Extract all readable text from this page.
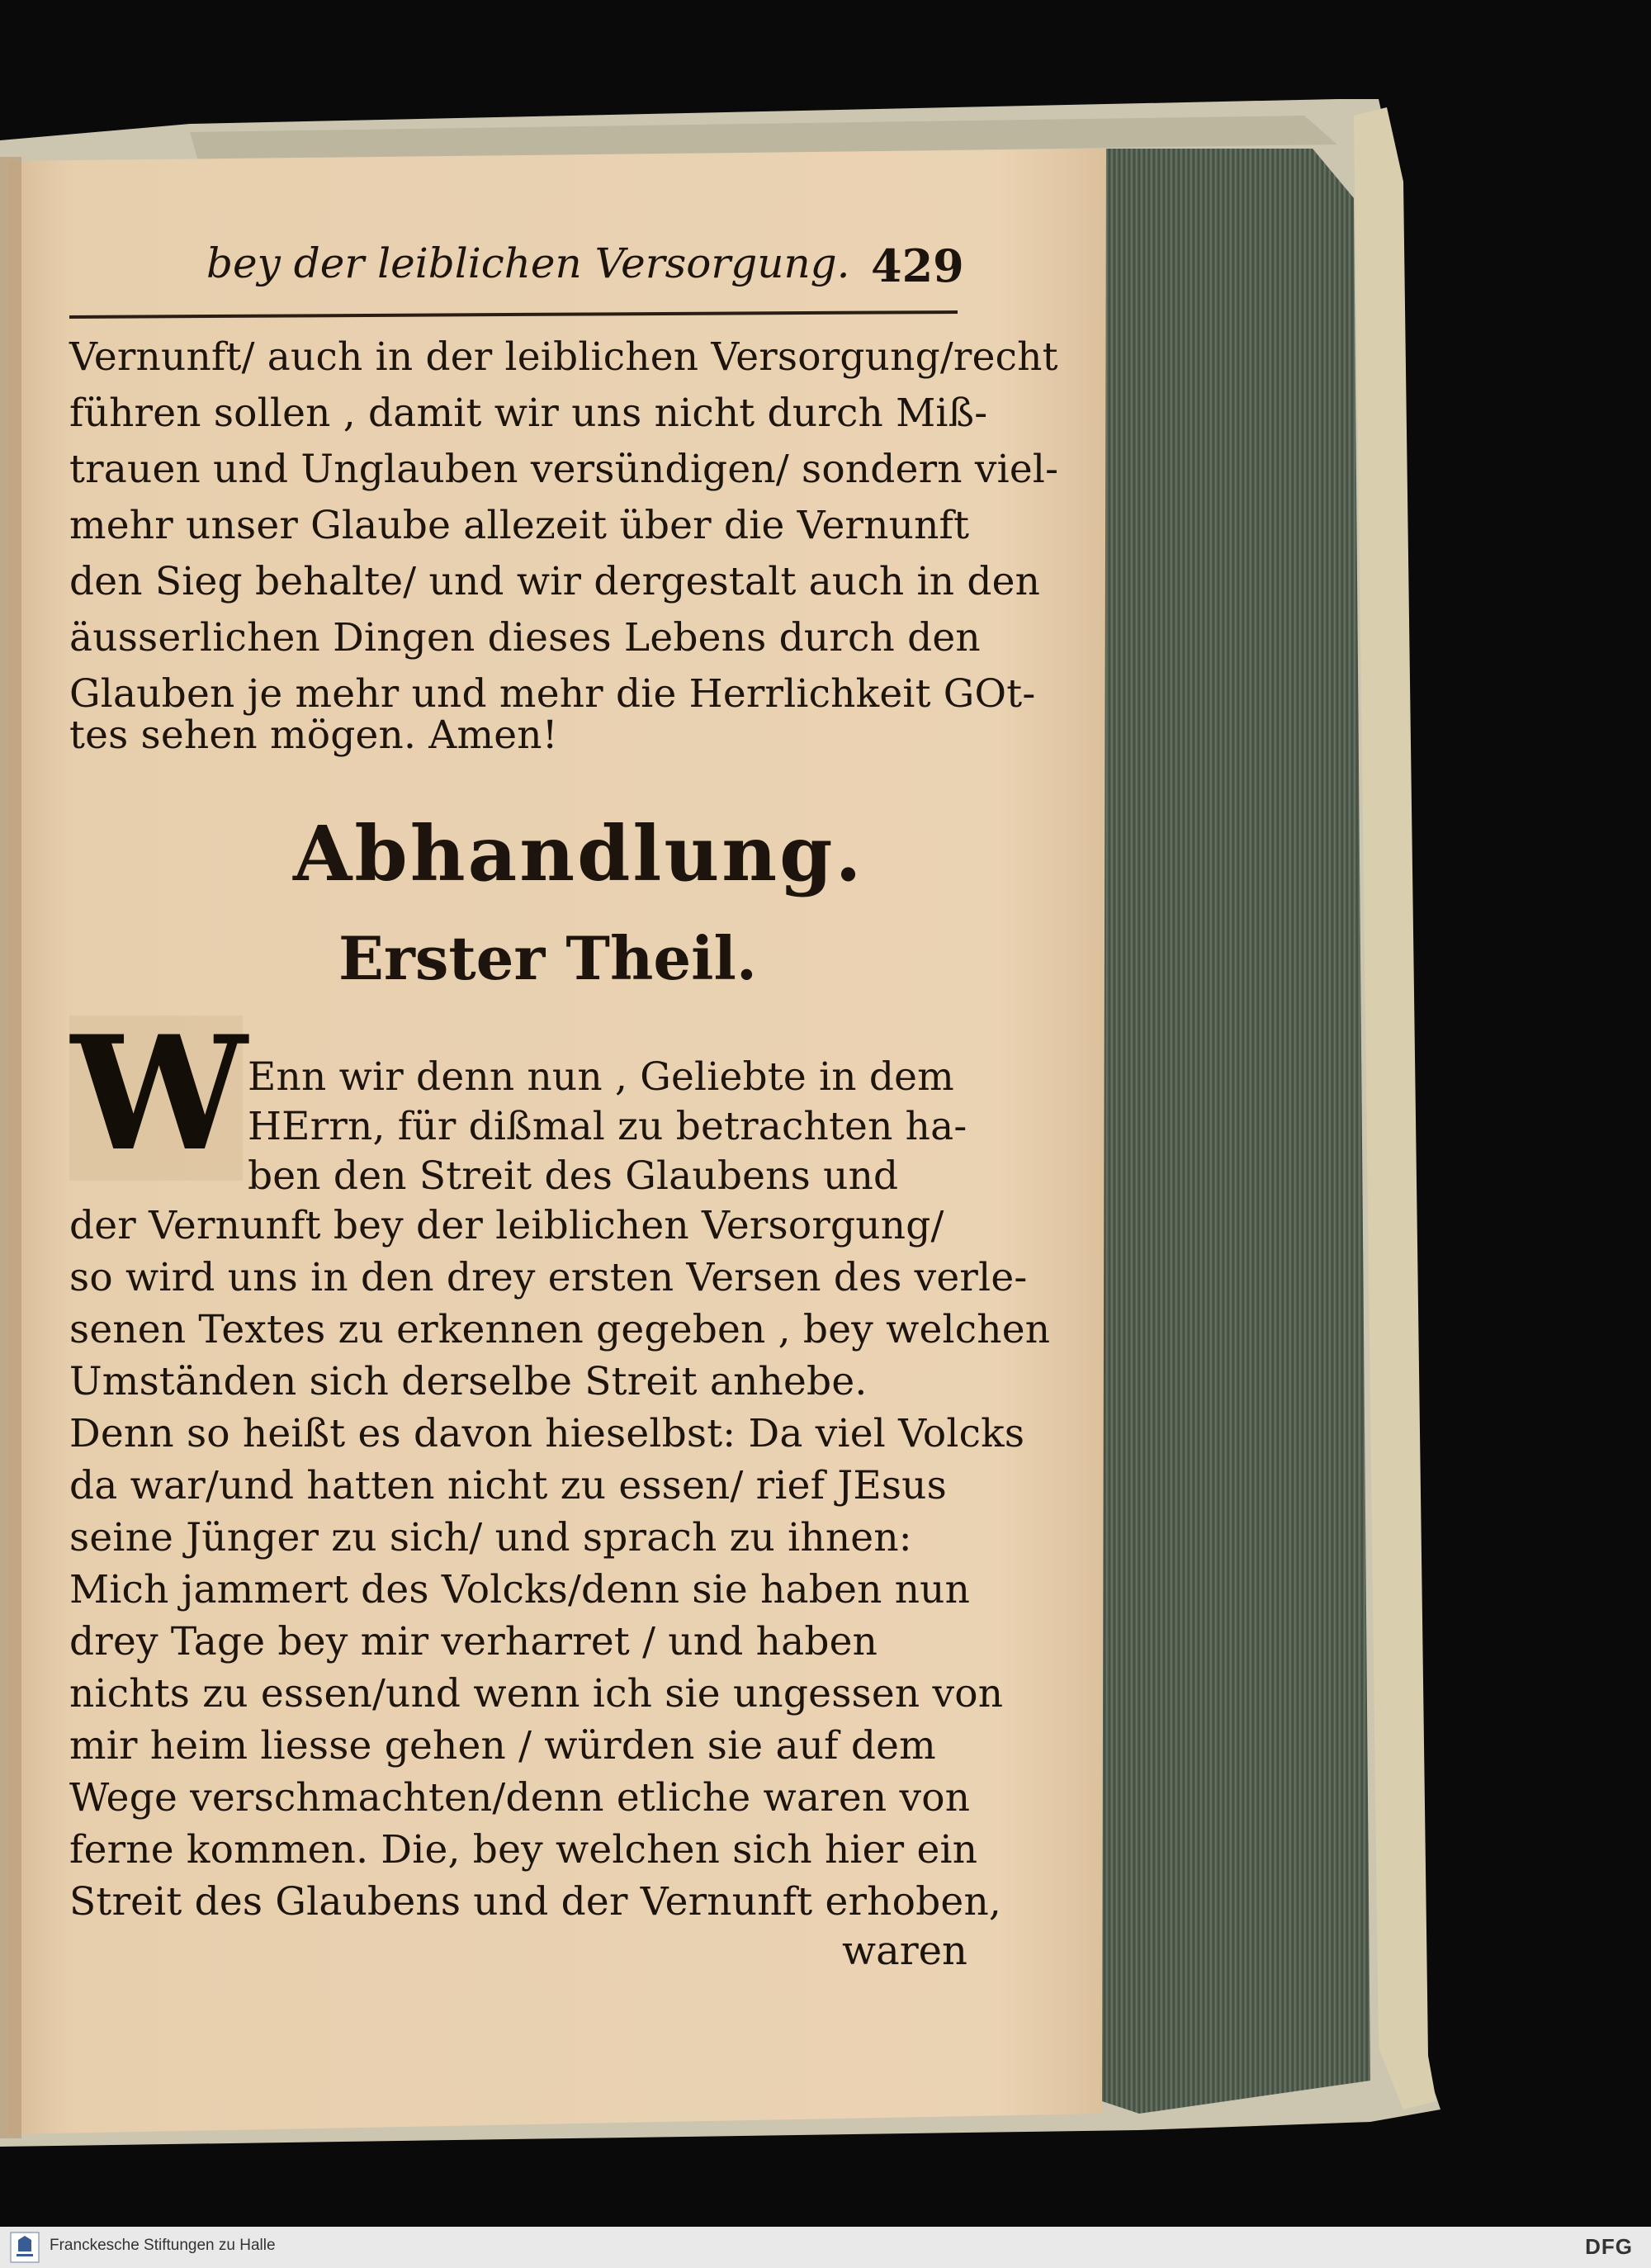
bey der leiblichen Versorgung. 429
Vernunft/ auch in der leiblichen Versorgung/recht
führen sollen , damit wir uns nicht durch Miß-
trauen und Unglauben versündigen/ sondern viel-
mehr unser Glaube allezeit über die Vernunft
den Sieg behalte/ und wir dergestalt auch in den
äusserlichen Dingen dieses Lebens durch den
Glauben je mehr und mehr die Herrlichkeit GOt-
tes sehen mögen. Amen!
Abhandlung.
Erster Theil.
W Enn wir denn nun , Geliebte in dem
HErrn, für dißmal zu betrachten ha-
ben den Streit des Glaubens und
der Vernunft bey der leiblichen Versorgung/
so wird uns in den drey ersten Versen des verle-
senen Textes zu erkennen gegeben , bey welchen
Umständen sich derselbe Streit anhebe.
Denn so heißt es davon hieselbst: Da viel Volcks
da war/und hatten nicht zu essen/ rief JEsus
seine Jünger zu sich/ und sprach zu ihnen:
Mich jammert des Volcks/denn sie haben nun
drey Tage bey mir verharret / und haben
nichts zu essen/und wenn ich sie ungessen von
mir heim liesse gehen / würden sie auf dem
Wege verschmachten/denn etliche waren von
ferne kommen. Die, bey welchen sich hier ein
Streit des Glaubens und der Vernunft erhoben,
waren
Franckesche Stiftungen zu Halle	DFG
